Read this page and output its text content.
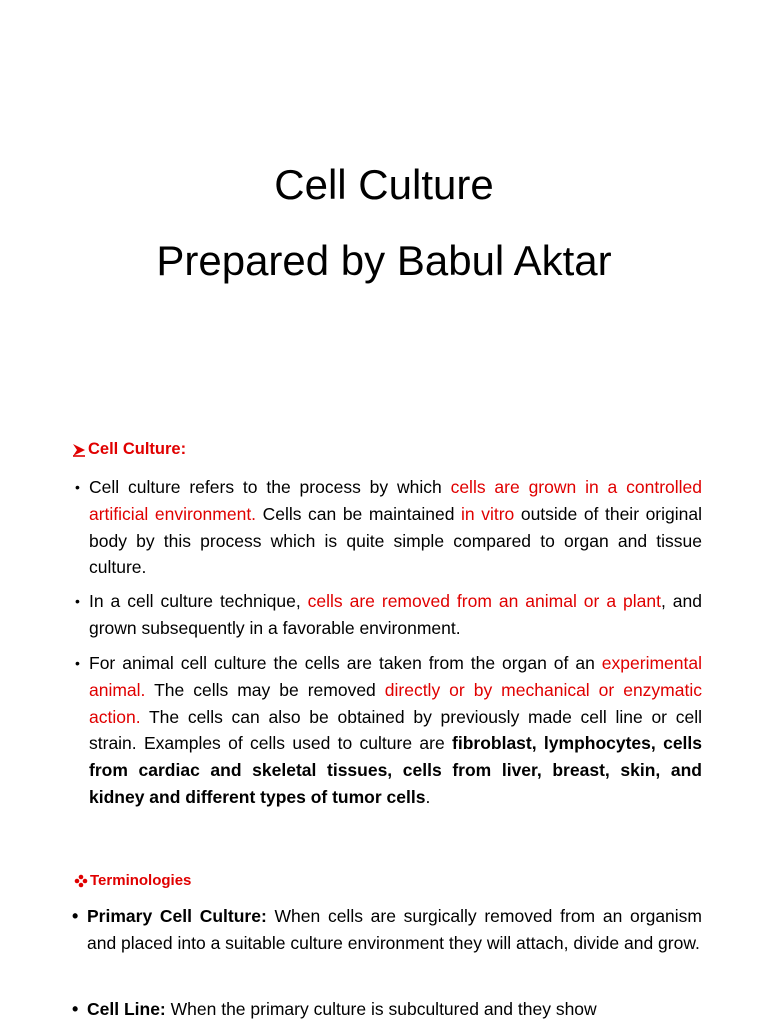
Cell Culture
Prepared by Babul Aktar
Cell Culture:
• Cell culture refers to the process by which cells are grown in a controlled artificial environment. Cells can be maintained in vitro outside of their original body by this process which is quite simple compared to organ and tissue culture.
• In a cell culture technique, cells are removed from an animal or a plant, and grown subsequently in a favorable environment.
• For animal cell culture the cells are taken from the organ of an experimental animal. The cells may be removed directly or by mechanical or enzymatic action. The cells can also be obtained by previously made cell line or cell strain. Examples of cells used to culture are fibroblast, lymphocytes, cells from cardiac and skeletal tissues, cells from liver, breast, skin, and kidney and different types of tumor cells.
Terminologies
• Primary Cell Culture: When cells are surgically removed from an organism and placed into a suitable culture environment they will attach, divide and grow.
• Cell Line: When the primary culture is subcultured and they show
